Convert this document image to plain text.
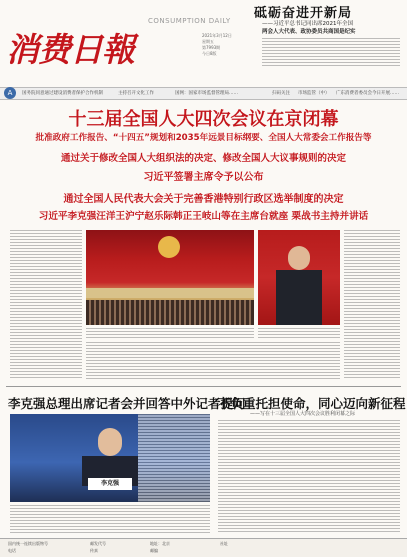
消费日報
CONSUMPTION DAILY
2021年3月12日
星期五
第7993期
今日8版
砥砺奋进开新局
——习近平总书记同出席2021年全国
两会人大代表、政协委员共商国是纪实
国务院同意通过建设消费者保护合作机制	主持召开文化工作	国网：国家市场监督管理局……	扫码关注 市场监管（中） 广东消费者委员会今日开展……
A
十三届全国人大四次会议在京闭幕
批准政府工作报告、“十四五”规划和2035年远景目标纲要、全国人大常委会工作报告等
通过关于修改全国人大组织法的决定、修改全国人大议事规则的决定
习近平签署主席令予以公布
通过全国人民代表大会关于完善香港特别行政区选举制度的决定
习近平李克强汪洋王沪宁赵乐际韩正王岐山等在主席台就座 栗战书主持并讲话
李克强总理出席记者会并回答中外记者提问
不负重托担使命，同心迈向新征程
——写在十三届全国人大四次会议胜利闭幕之际
李克强
国内统一连续出版物号	邮发代号	地址：北京	社址
电话	传真	邮编
